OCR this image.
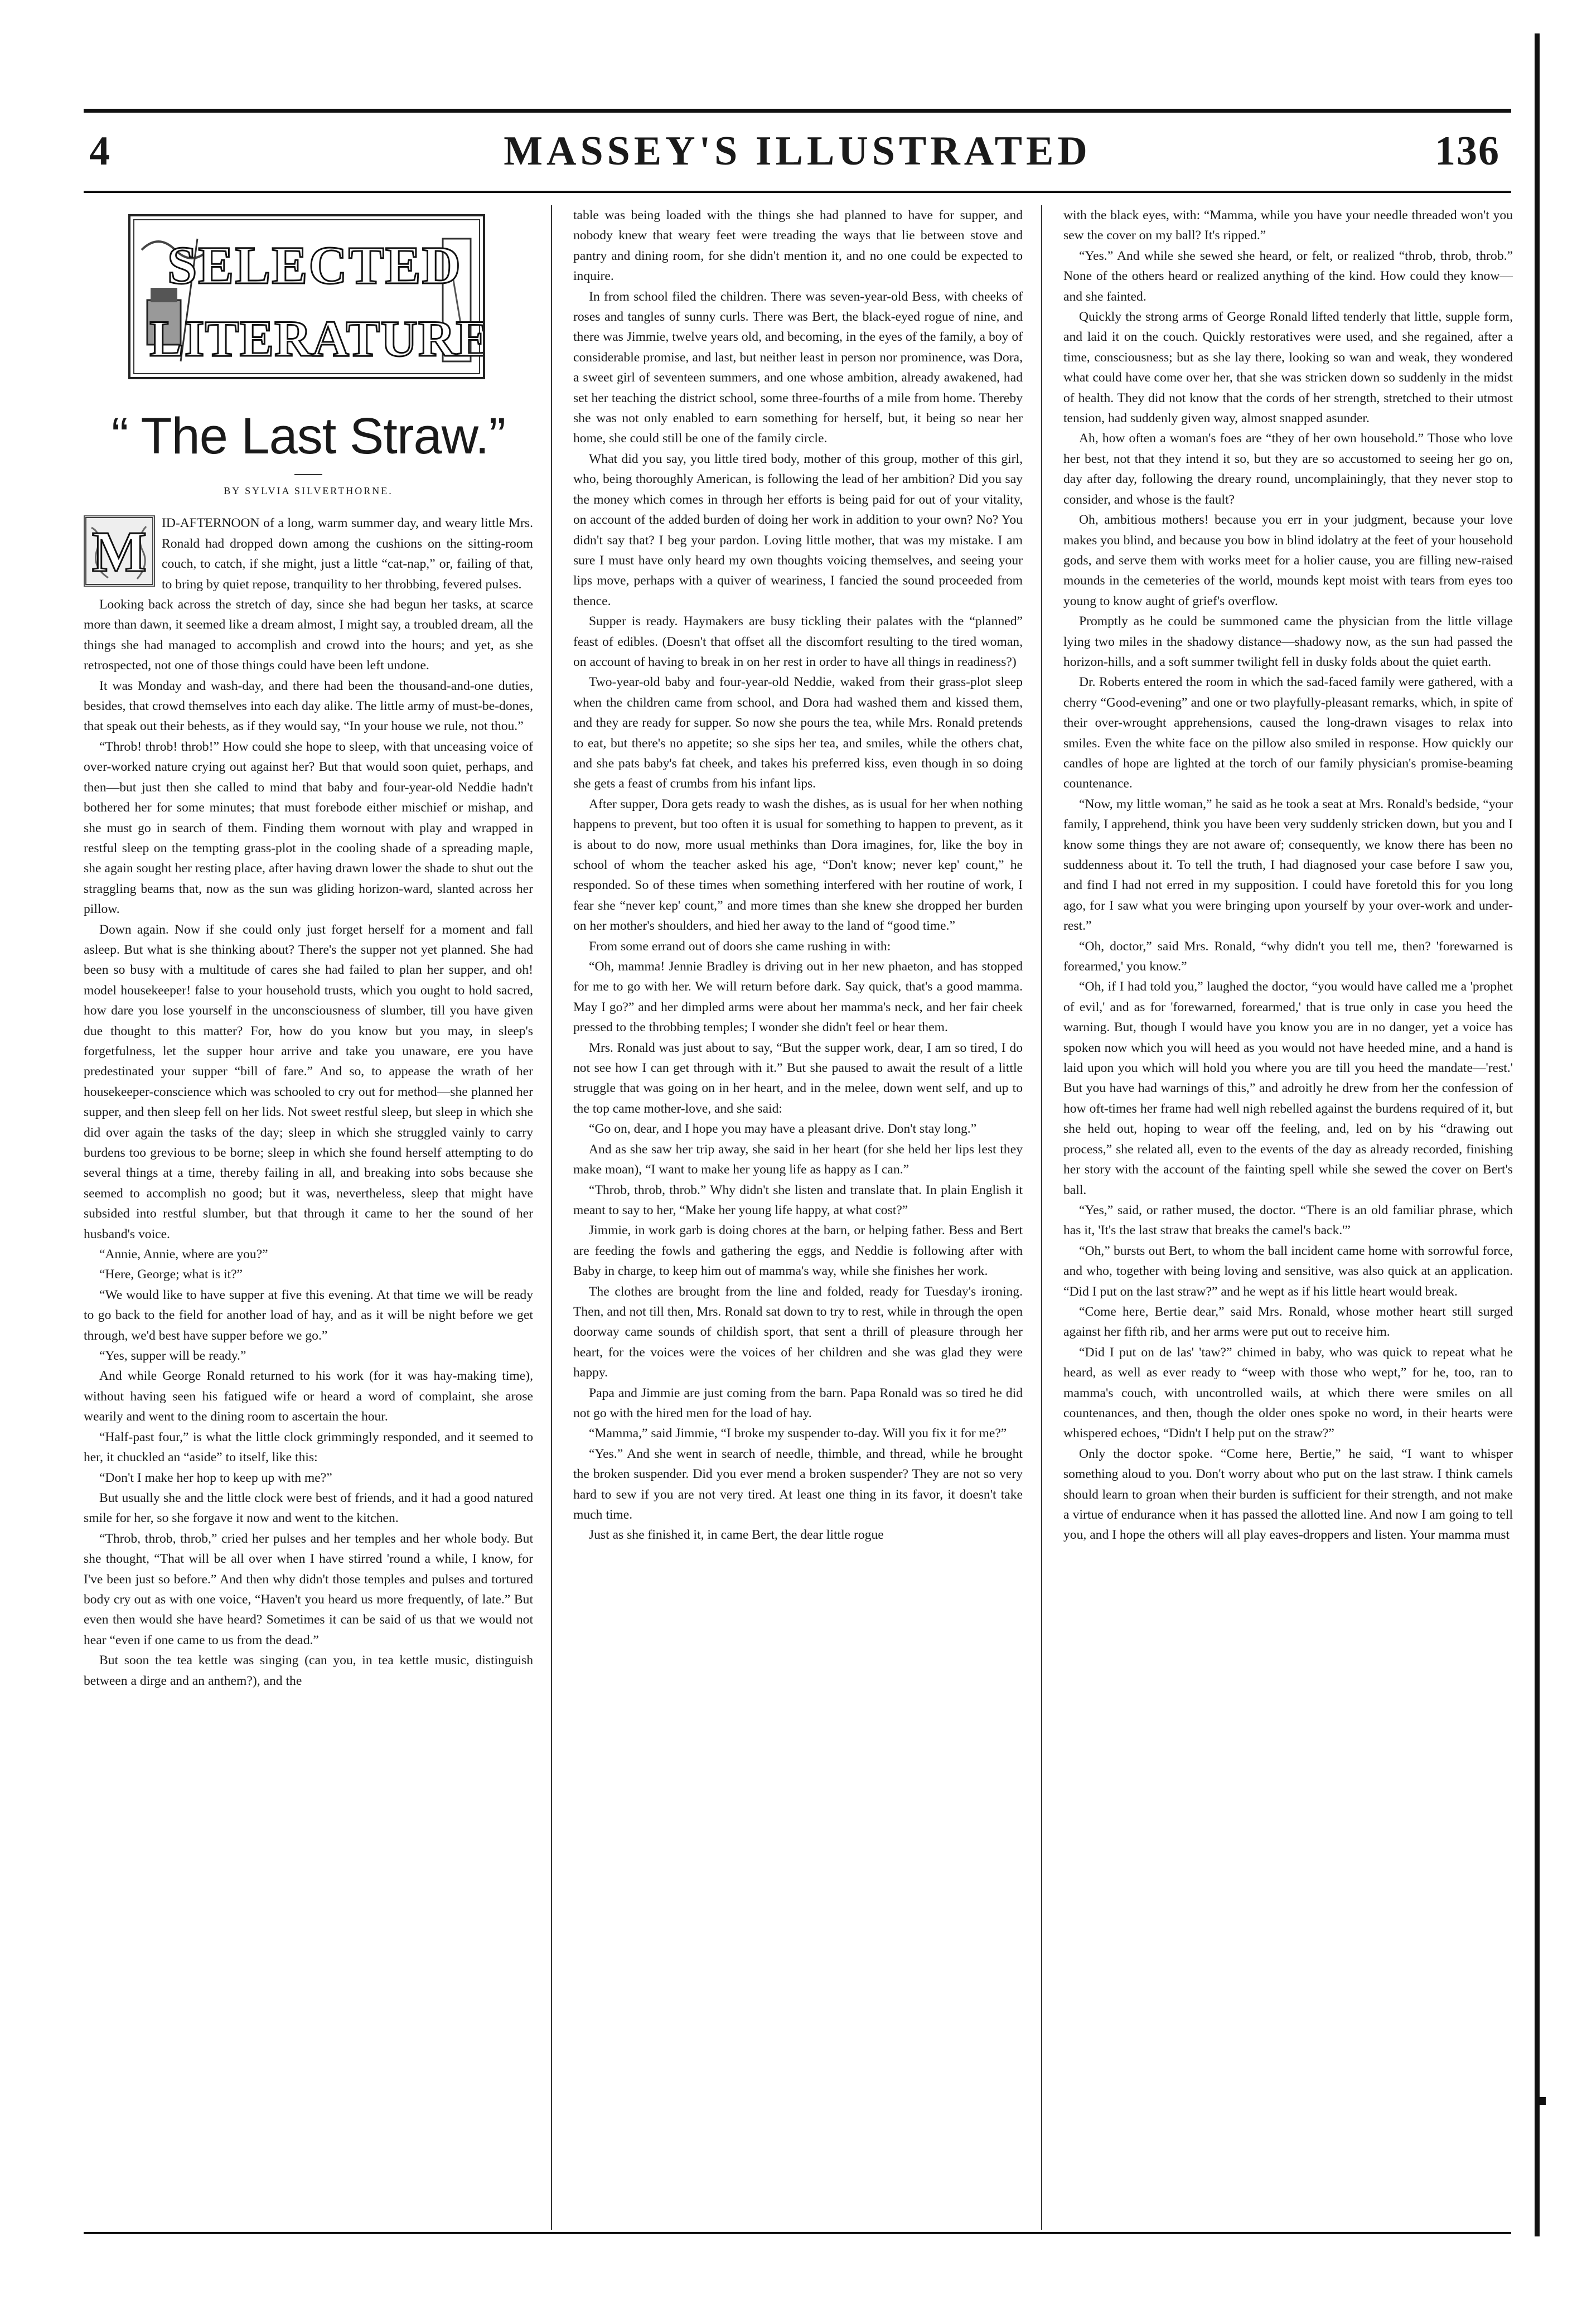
4	MASSEY'S ILLUSTRATED	136
SELECTED
LITERATURE
“ The Last Straw.”
BY SYLVIA SILVERTHORNE.
M	ID-AFTERNOON of a long, warm summer day, and weary little Mrs. Ronald had dropped down among the cushions on the sitting-room couch, to catch, if she might, just a little “cat-nap,” or, failing of that, to bring by quiet repose, tranquility to her throbbing, fevered pulses.

Looking back across the stretch of day, since she had begun her tasks, at scarce more than dawn, it seemed like a dream almost, I might say, a troubled dream, all the things she had managed to accomplish and crowd into the hours; and yet, as she retrospected, not one of those things could have been left undone.

It was Monday and wash-day, and there had been the thousand-and-one duties, besides, that crowd themselves into each day alike. The little army of must-be-dones, that speak out their behests, as if they would say, “In your house we rule, not thou.”

“Throb! throb! throb!” How could she hope to sleep, with that unceasing voice of over-worked nature crying out against her? But that would soon quiet, perhaps, and then—but just then she called to mind that baby and four-year-old Neddie hadn't bothered her for some minutes; that must forebode either mischief or mishap, and she must go in search of them. Finding them wornout with play and wrapped in restful sleep on the tempting grass-plot in the cooling shade of a spreading maple, she again sought her resting place, after having drawn lower the shade to shut out the straggling beams that, now as the sun was gliding horizon-ward, slanted across her pillow.

Down again. Now if she could only just forget herself for a moment and fall asleep. But what is she thinking about? There's the supper not yet planned. She had been so busy with a multitude of cares she had failed to plan her supper, and oh! model housekeeper! false to your household trusts, which you ought to hold sacred, how dare you lose yourself in the unconsciousness of slumber, till you have given due thought to this matter? For, how do you know but you may, in sleep's forgetfulness, let the supper hour arrive and take you unaware, ere you have predestinated your supper “bill of fare.” And so, to appease the wrath of her housekeeper-conscience which was schooled to cry out for method—she planned her supper, and then sleep fell on her lids. Not sweet restful sleep, but sleep in which she did over again the tasks of the day; sleep in which she struggled vainly to carry burdens too grevious to be borne; sleep in which she found herself attempting to do several things at a time, thereby failing in all, and breaking into sobs because she seemed to accomplish no good; but it was, nevertheless, sleep that might have subsided into restful slumber, but that through it came to her the sound of her husband's voice.

“Annie, Annie, where are you?”

“Here, George; what is it?”

“We would like to have supper at five this evening. At that time we will be ready to go back to the field for another load of hay, and as it will be night before we get through, we'd best have supper before we go.”

“Yes, supper will be ready.”

And while George Ronald returned to his work (for it was hay-making time), without having seen his fatigued wife or heard a word of complaint, she arose wearily and went to the dining room to ascertain the hour.

“Half-past four,” is what the little clock grimmingly responded, and it seemed to her, it chuckled an “aside” to itself, like this:

“Don't I make her hop to keep up with me?”

But usually she and the little clock were best of friends, and it had a good natured smile for her, so she forgave it now and went to the kitchen.

“Throb, throb, throb,” cried her pulses and her temples and her whole body. But she thought, “That will be all over when I have stirred 'round a while, I know, for I've been just so before.” And then why didn't those temples and pulses and tortured body cry out as with one voice, “Haven't you heard us more frequently, of late.” But even then would she have heard? Sometimes it can be said of us that we would not hear “even if one came to us from the dead.”

But soon the tea kettle was singing (can you, in tea kettle music, distinguish between a dirge and an anthem?), and the

table was being loaded with the things she had planned to have for supper, and nobody knew that weary feet were treading the ways that lie between stove and pantry and dining room, for she didn't mention it, and no one could be expected to inquire.

In from school filed the children. There was seven-year-old Bess, with cheeks of roses and tangles of sunny curls. There was Bert, the black-eyed rogue of nine, and there was Jimmie, twelve years old, and becoming, in the eyes of the family, a boy of considerable promise, and last, but neither least in person nor prominence, was Dora, a sweet girl of seventeen summers, and one whose ambition, already awakened, had set her teaching the district school, some three-fourths of a mile from home. Thereby she was not only enabled to earn something for herself, but, it being so near her home, she could still be one of the family circle.

What did you say, you little tired body, mother of this group, mother of this girl, who, being thoroughly American, is following the lead of her ambition? Did you say the money which comes in through her efforts is being paid for out of your vitality, on account of the added burden of doing her work in addition to your own? No? You didn't say that? I beg your pardon. Loving little mother, that was my mistake. I am sure I must have only heard my own thoughts voicing themselves, and seeing your lips move, perhaps with a quiver of weariness, I fancied the sound proceeded from thence.

Supper is ready. Haymakers are busy tickling their palates with the “planned” feast of edibles. (Doesn't that offset all the discomfort resulting to the tired woman, on account of having to break in on her rest in order to have all things in readiness?)

Two-year-old baby and four-year-old Neddie, waked from their grass-plot sleep when the children came from school, and Dora had washed them and kissed them, and they are ready for supper. So now she pours the tea, while Mrs. Ronald pretends to eat, but there's no appetite; so she sips her tea, and smiles, while the others chat, and she pats baby's fat cheek, and takes his preferred kiss, even though in so doing she gets a feast of crumbs from his infant lips.

After supper, Dora gets ready to wash the dishes, as is usual for her when nothing happens to prevent, but too often it is usual for something to happen to prevent, as it is about to do now, more usual methinks than Dora imagines, for, like the boy in school of whom the teacher asked his age, “Don't know; never kep' count,” he responded. So of these times when something interfered with her routine of work, I fear she “never kep' count,” and more times than she knew she dropped her burden on her mother's shoulders, and hied her away to the land of “good time.”

From some errand out of doors she came rushing in with:

“Oh, mamma! Jennie Bradley is driving out in her new phaeton, and has stopped for me to go with her. We will return before dark. Say quick, that's a good mamma. May I go?” and her dimpled arms were about her mamma's neck, and her fair cheek pressed to the throbbing temples; I wonder she didn't feel or hear them.

Mrs. Ronald was just about to say, “But the supper work, dear, I am so tired, I do not see how I can get through with it.” But she paused to await the result of a little struggle that was going on in her heart, and in the melee, down went self, and up to the top came mother-love, and she said:

“Go on, dear, and I hope you may have a pleasant drive. Don't stay long.”

And as she saw her trip away, she said in her heart (for she held her lips lest they make moan), “I want to make her young life as happy as I can.”

“Throb, throb, throb.” Why didn't she listen and translate that. In plain English it meant to say to her, “Make her young life happy, at what cost?”

Jimmie, in work garb is doing chores at the barn, or helping father. Bess and Bert are feeding the fowls and gathering the eggs, and Neddie is following after with Baby in charge, to keep him out of mamma's way, while she finishes her work.

The clothes are brought from the line and folded, ready for Tuesday's ironing. Then, and not till then, Mrs. Ronald sat down to try to rest, while in through the open doorway came sounds of childish sport, that sent a thrill of pleasure through her heart, for the voices were the voices of her children and she was glad they were happy.

Papa and Jimmie are just coming from the barn. Papa Ronald was so tired he did not go with the hired men for the load of hay.

“Mamma,” said Jimmie, “I broke my suspender to-day. Will you fix it for me?”

“Yes.” And she went in search of needle, thimble, and thread, while he brought the broken suspender. Did you ever mend a broken suspender? They are not so very hard to sew if you are not very tired. At least one thing in its favor, it doesn't take much time.

Just as she finished it, in came Bert, the dear little rogue

with the black eyes, with: “Mamma, while you have your needle threaded won't you sew the cover on my ball? It's ripped.”

“Yes.” And while she sewed she heard, or felt, or realized “throb, throb, throb.” None of the others heard or realized anything of the kind. How could they know—and she fainted.

Quickly the strong arms of George Ronald lifted tenderly that little, supple form, and laid it on the couch. Quickly restoratives were used, and she regained, after a time, consciousness; but as she lay there, looking so wan and weak, they wondered what could have come over her, that she was stricken down so suddenly in the midst of health. They did not know that the cords of her strength, stretched to their utmost tension, had suddenly given way, almost snapped asunder.

Ah, how often a woman's foes are “they of her own household.” Those who love her best, not that they intend it so, but they are so accustomed to seeing her go on, day after day, following the dreary round, uncomplainingly, that they never stop to consider, and whose is the fault?

Oh, ambitious mothers! because you err in your judgment, because your love makes you blind, and because you bow in blind idolatry at the feet of your household gods, and serve them with works meet for a holier cause, you are filling new-raised mounds in the cemeteries of the world, mounds kept moist with tears from eyes too young to know aught of grief's overflow.

Promptly as he could be summoned came the physician from the little village lying two miles in the shadowy distance—shadowy now, as the sun had passed the horizon-hills, and a soft summer twilight fell in dusky folds about the quiet earth.

Dr. Roberts entered the room in which the sad-faced family were gathered, with a cherry “Good-evening” and one or two playfully-pleasant remarks, which, in spite of their over-wrought apprehensions, caused the long-drawn visages to relax into smiles. Even the white face on the pillow also smiled in response. How quickly our candles of hope are lighted at the torch of our family physician's promise-beaming countenance.

“Now, my little woman,” he said as he took a seat at Mrs. Ronald's bedside, “your family, I apprehend, think you have been very suddenly stricken down, but you and I know some things they are not aware of; consequently, we know there has been no suddenness about it. To tell the truth, I had diagnosed your case before I saw you, and find I had not erred in my supposition. I could have foretold this for you long ago, for I saw what you were bringing upon yourself by your over-work and under-rest.”

“Oh, doctor,” said Mrs. Ronald, “why didn't you tell me, then? 'forewarned is forearmed,' you know.”

“Oh, if I had told you,” laughed the doctor, “you would have called me a 'prophet of evil,' and as for 'forewarned, forearmed,' that is true only in case you heed the warning. But, though I would have you know you are in no danger, yet a voice has spoken now which you will heed as you would not have heeded mine, and a hand is laid upon you which will hold you where you are till you heed the mandate—'rest.' But you have had warnings of this,” and adroitly he drew from her the confession of how oft-times her frame had well nigh rebelled against the burdens required of it, but she held out, hoping to wear off the feeling, and, led on by his “drawing out process,” she related all, even to the events of the day as already recorded, finishing her story with the account of the fainting spell while she sewed the cover on Bert's ball.

“Yes,” said, or rather mused, the doctor. “There is an old familiar phrase, which has it, 'It's the last straw that breaks the camel's back.'”

“Oh,” bursts out Bert, to whom the ball incident came home with sorrowful force, and who, together with being loving and sensitive, was also quick at an application. “Did I put on the last straw?” and he wept as if his little heart would break.

“Come here, Bertie dear,” said Mrs. Ronald, whose mother heart still surged against her fifth rib, and her arms were put out to receive him.

“Did I put on de las' 'taw?” chimed in baby, who was quick to repeat what he heard, as well as ever ready to “weep with those who wept,” for he, too, ran to mamma's couch, with uncontrolled wails, at which there were smiles on all countenances, and then, though the older ones spoke no word, in their hearts were whispered echoes, “Didn't I help put on the straw?”

Only the doctor spoke. “Come here, Bertie,” he said, “I want to whisper something aloud to you. Don't worry about who put on the last straw. I think camels should learn to groan when their burden is sufficient for their strength, and not make a virtue of endurance when it has passed the allotted line. And now I am going to tell you, and I hope the others will all play eaves-droppers and listen. Your mamma must
